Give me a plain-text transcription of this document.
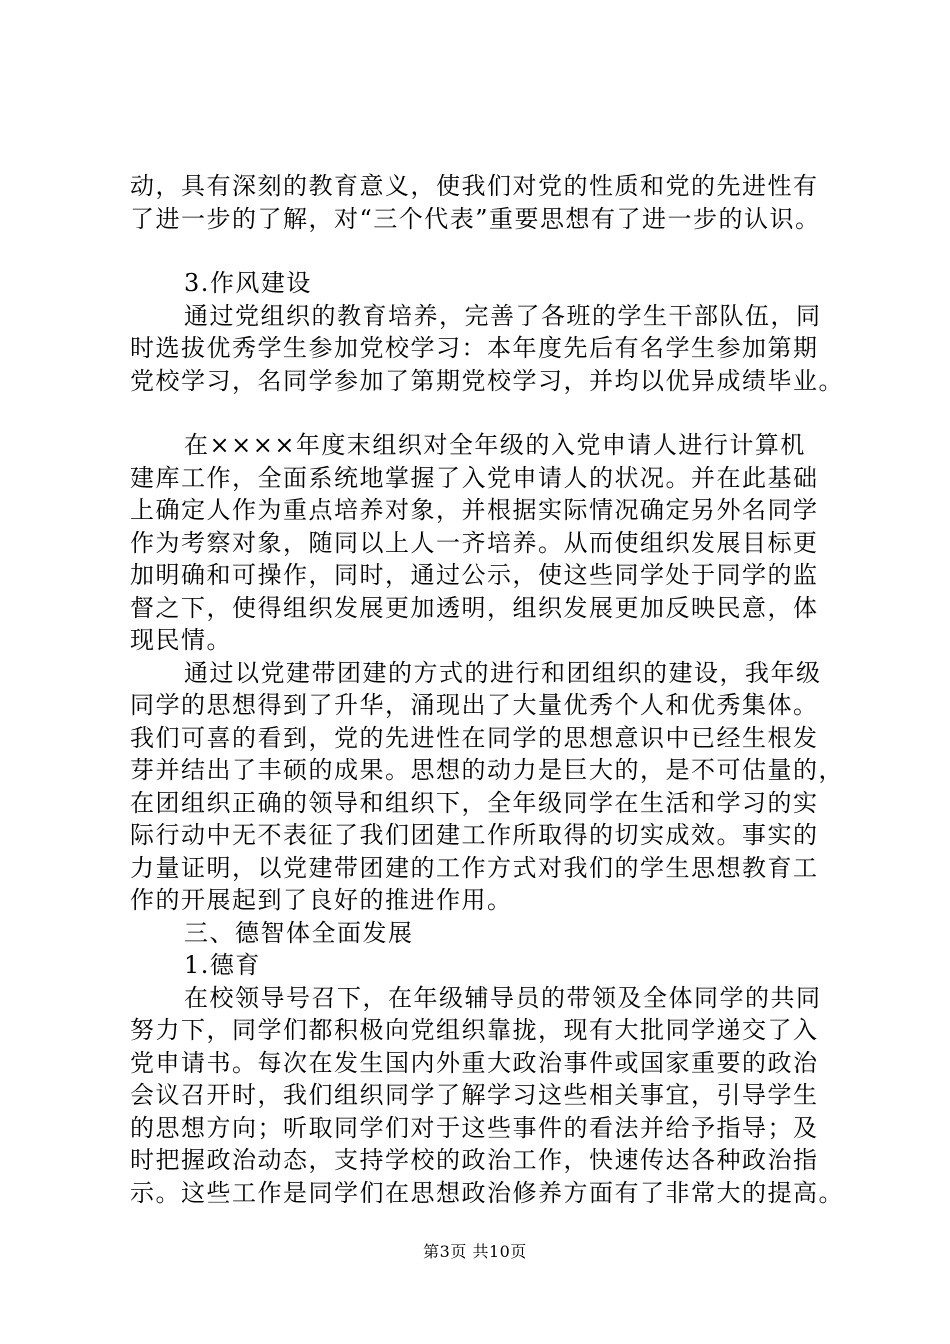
动，具有深刻的教育意义，使我们对党的性质和党的先进性有
了进一步的了解，对“三个代表”重要思想有了进一步的认识。
3.作风建设
通过党组织的教育培养，完善了各班的学生干部队伍，同
时选拔优秀学生参加党校学习：本年度先后有名学生参加第期
党校学习，名同学参加了第期党校学习，并均以优异成绩毕业。
在××××年度末组织对全年级的入党申请人进行计算机
建库工作，全面系统地掌握了入党申请人的状况。并在此基础
上确定人作为重点培养对象，并根据实际情况确定另外名同学
作为考察对象，随同以上人一齐培养。从而使组织发展目标更
加明确和可操作，同时，通过公示，使这些同学处于同学的监
督之下，使得组织发展更加透明，组织发展更加反映民意，体
现民情。
通过以党建带团建的方式的进行和团组织的建设，我年级
同学的思想得到了升华，涌现出了大量优秀个人和优秀集体。
我们可喜的看到，党的先进性在同学的思想意识中已经生根发
芽并结出了丰硕的成果。思想的动力是巨大的，是不可估量的，
在团组织正确的领导和组织下，全年级同学在生活和学习的实
际行动中无不表征了我们团建工作所取得的切实成效。事实的
力量证明，以党建带团建的工作方式对我们的学生思想教育工
作的开展起到了良好的推进作用。
三、德智体全面发展
1.德育
在校领导号召下，在年级辅导员的带领及全体同学的共同
努力下，同学们都积极向党组织靠拢，现有大批同学递交了入
党申请书。每次在发生国内外重大政治事件或国家重要的政治
会议召开时，我们组织同学了解学习这些相关事宜，引导学生
的思想方向；听取同学们对于这些事件的看法并给予指导；及
时把握政治动态，支持学校的政治工作，快速传达各种政治指
示。这些工作是同学们在思想政治修养方面有了非常大的提高。
第3页 共10页
